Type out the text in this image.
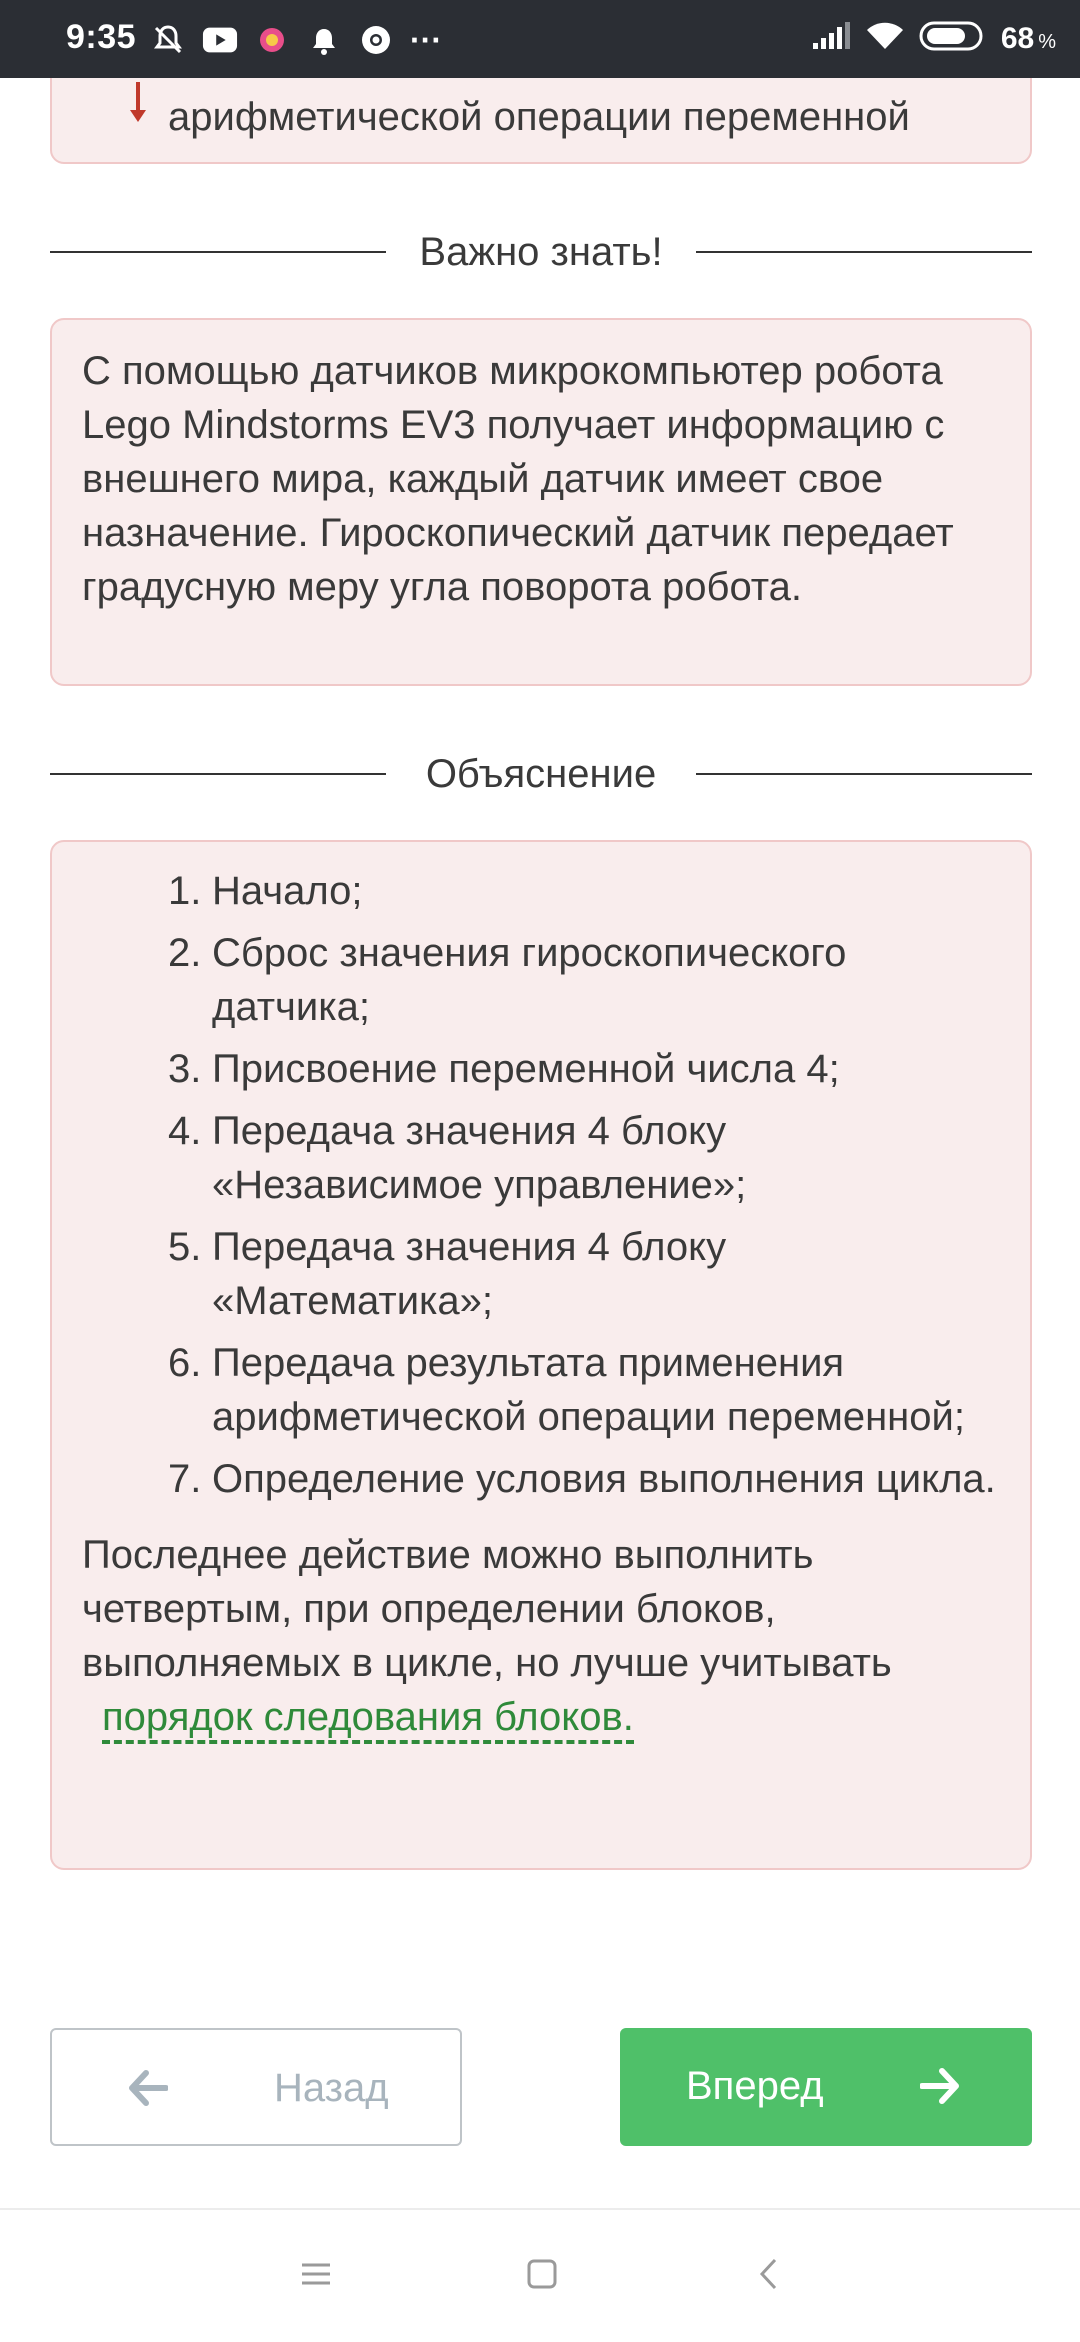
9:35	···	68 %
арифметической операции переменной
Важно знать!

С помощью датчиков микрокомпьютер робота Lego Mindstorms EV3 получает информацию с внешнего мира, каждый датчик имеет свое назначение. Гироскопический датчик передает градусную меру угла поворота робота.

Объяснение
1. Начало;
2. Сброс значения гироскопического датчика;
3. Присвоение переменной числа 4;
4. Передача значения 4 блоку «Независимое управление»;
5. Передача значения 4 блоку «Математика»;
6. Передача результата применения арифметической операции переменной;
7. Определение условия выполнения цикла.

Последнее действие можно выполнить четвертым, при определении блоков, выполняемых в цикле, но лучше учитывать порядок следования блоков.

Назад	Вперед
